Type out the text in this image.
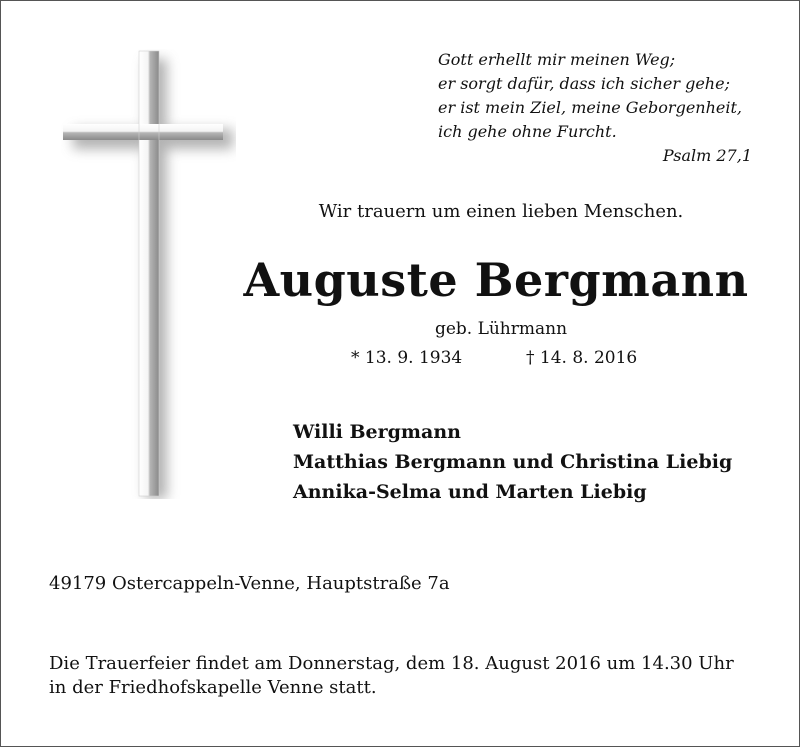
Gott erhellt mir meinen Weg;
er sorgt dafür, dass ich sicher gehe;
er ist mein Ziel, meine Geborgenheit,
ich gehe ohne Furcht.
Psalm 27,1
Wir trauern um einen lieben Menschen.
Auguste Bergmann
geb. Lührmann
* 13. 9. 1934	† 14. 8. 2016
Willi Bergmann
Matthias Bergmann und Christina Liebig
Annika-Selma und Marten Liebig
49179 Ostercappeln-Venne, Hauptstraße 7a
Die Trauerfeier findet am Donnerstag, dem 18. August 2016 um 14.30 Uhr
in der Friedhofskapelle Venne statt.
